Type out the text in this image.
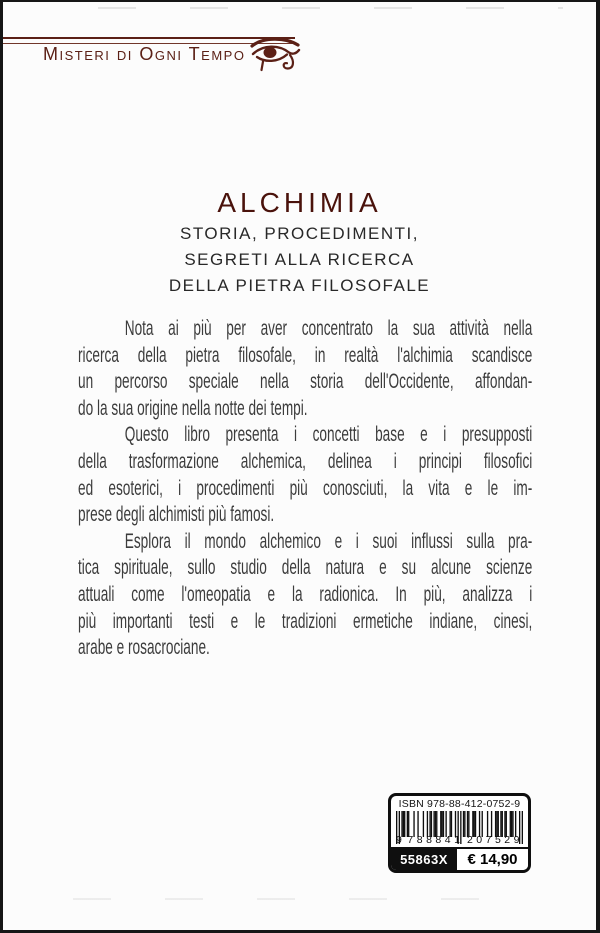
Misteri di Ogni Tempo
ALCHIMIA
STORIA, PROCEDIMENTI,
SEGRETI ALLA RICERCA
DELLA PIETRA FILOSOFALE

Nota ai più per aver concentrato la sua attività nella
ricerca della pietra filosofale, in realtà l'alchimia scandisce
un percorso speciale nella storia dell'Occidente, affondan-
do la sua origine nella notte dei tempi.

Questo libro presenta i concetti base e i presupposti
della trasformazione alchemica, delinea i principi filosofici
ed esoterici, i procedimenti più conosciuti, la vita e le im-
prese degli alchimisti più famosi.

Esplora il mondo alchemico e i suoi influssi sulla pra-
tica spirituale, sullo studio della natura e su alcune scienze
attuali come l'omeopatia e la radionica. In più, analizza i
più importanti testi e le tradizioni ermetiche indiane, cinesi,
arabe e rosacrociane.

ISBN 978-88-412-0752-9
9 788841 207529
55863X	€ 14,90
